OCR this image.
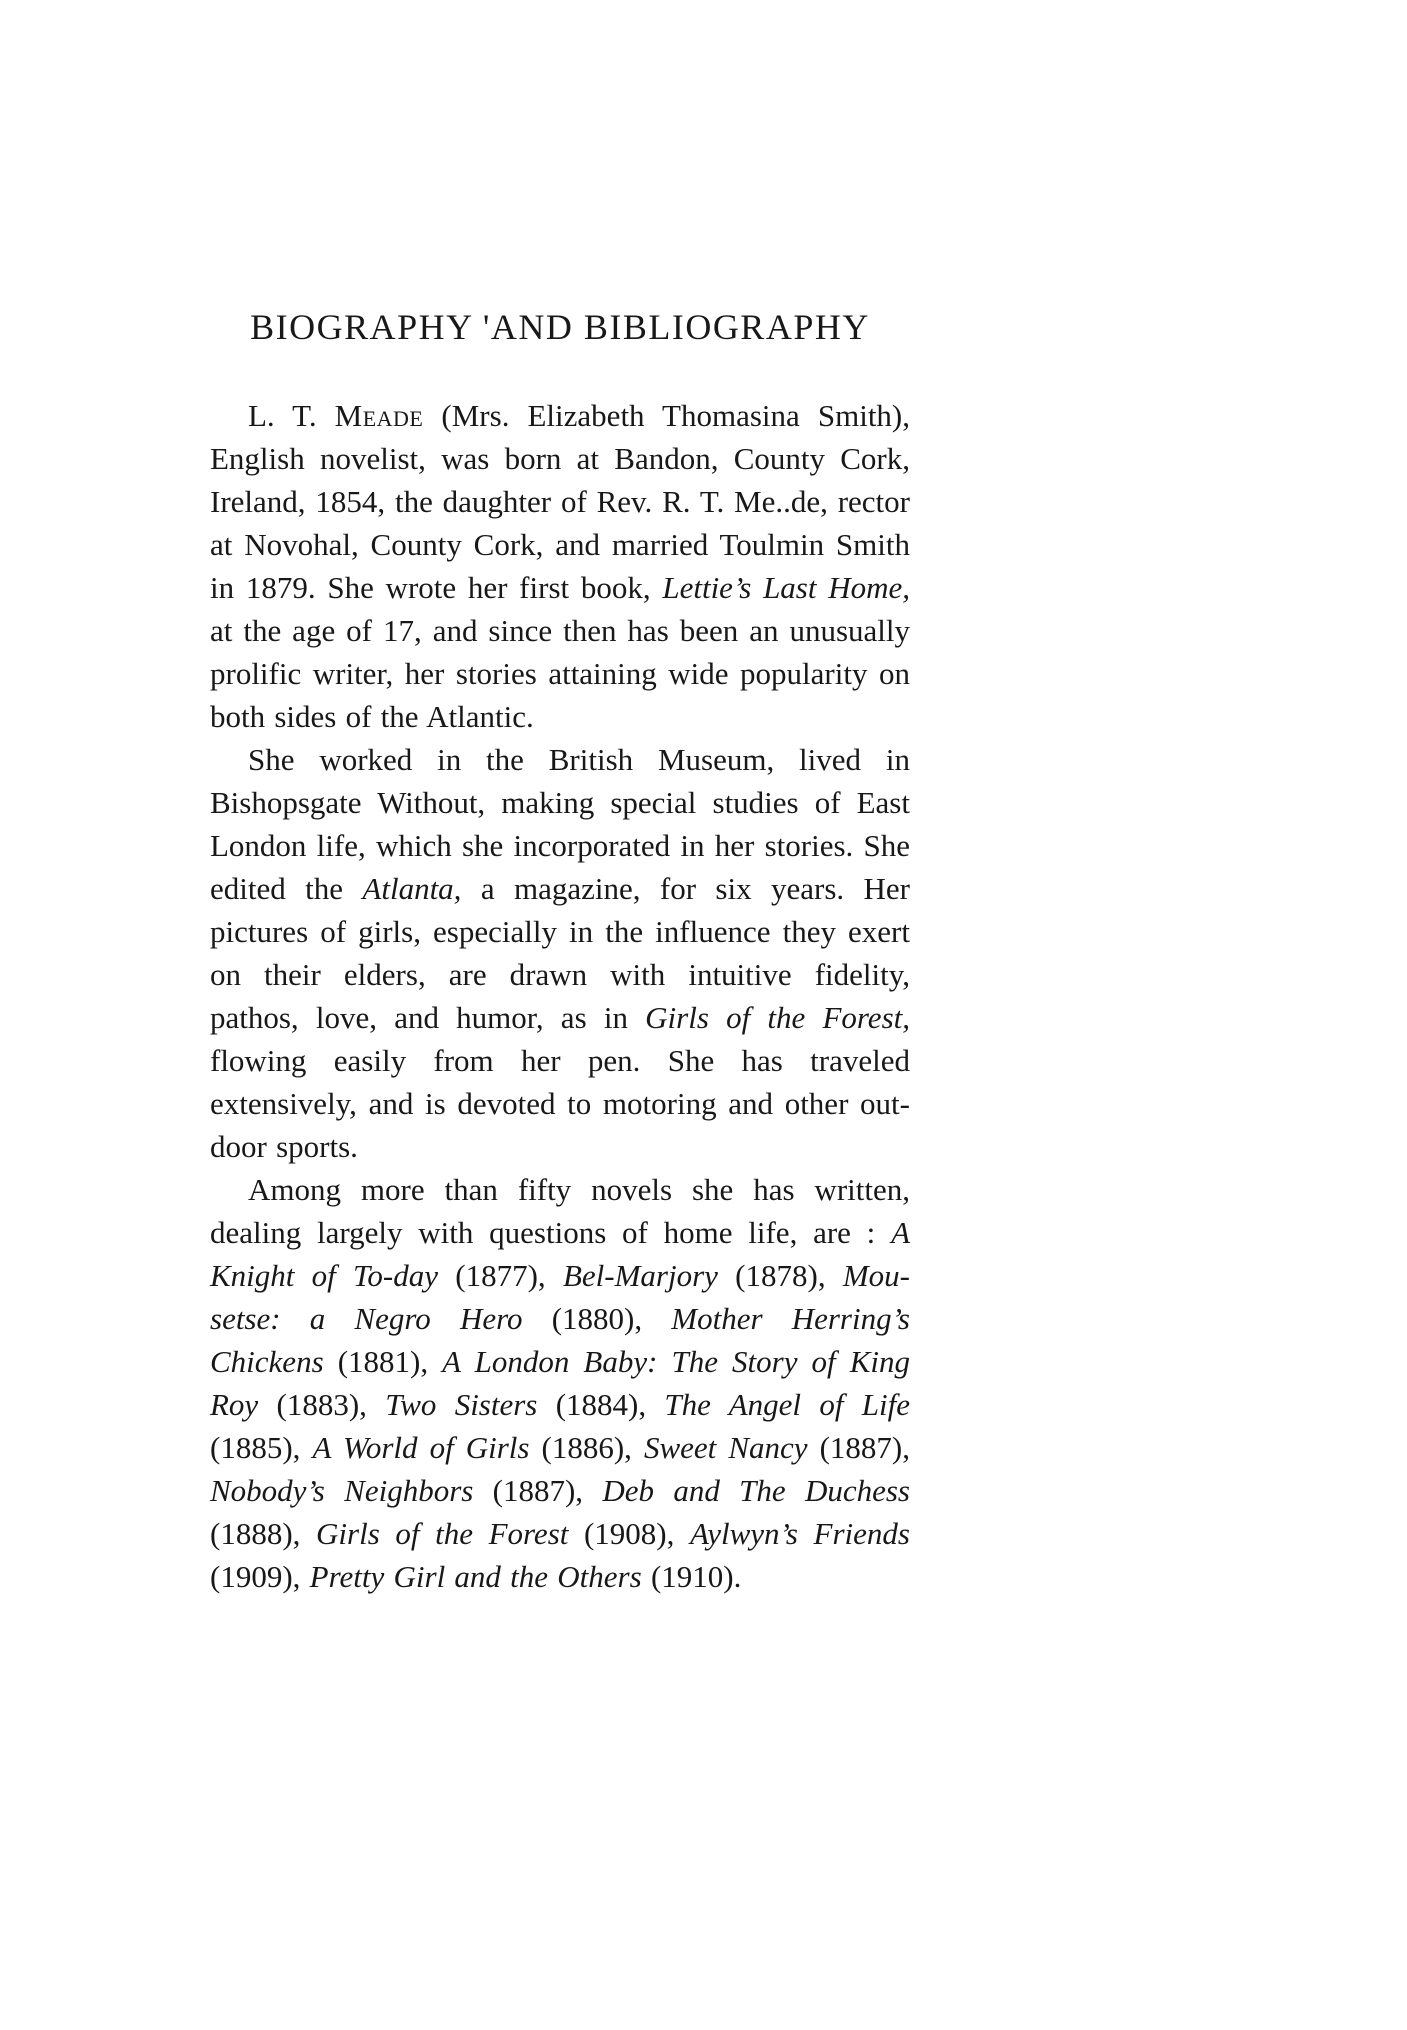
BIOGRAPHY 'AND BIBLIOGRAPHY

L. T. Meade (Mrs. Elizabeth Thomasina Smith), English novelist, was born at Bandon, County Cork, Ireland, 1854, the daughter of Rev. R. T. Me..de, rector at Novohal, County Cork, and married Toulmin Smith in 1879. She wrote her first book, Lettie’s Last Home, at the age of 17, and since then has been an unusually prolific writer, her stories attaining wide popularity on both sides of the Atlantic.

She worked in the British Museum, lived in Bishopsgate Without, making special studies of East London life, which she incorporated in her stories. She edited the Atlanta, a magazine, for six years. Her pictures of girls, especially in the influence they exert on their elders, are drawn with intuitive fidelity, pathos, love, and humor, as in Girls of the Forest, flowing easily from her pen. She has traveled extensively, and is devoted to motoring and other out-door sports.

Among more than fifty novels she has written, dealing largely with questions of home life, are : A Knight of To-day (1877), Bel-Marjory (1878), Mou-setse: a Negro Hero (1880), Mother Herring’s Chickens (1881), A London Baby: The Story of King Roy (1883), Two Sisters (1884), The Angel of Life (1885), A World of Girls (1886), Sweet Nancy (1887), Nobody’s Neighbors (1887), Deb and The Duchess (1888), Girls of the Forest (1908), Aylwyn’s Friends (1909), Pretty Girl and the Others (1910).
